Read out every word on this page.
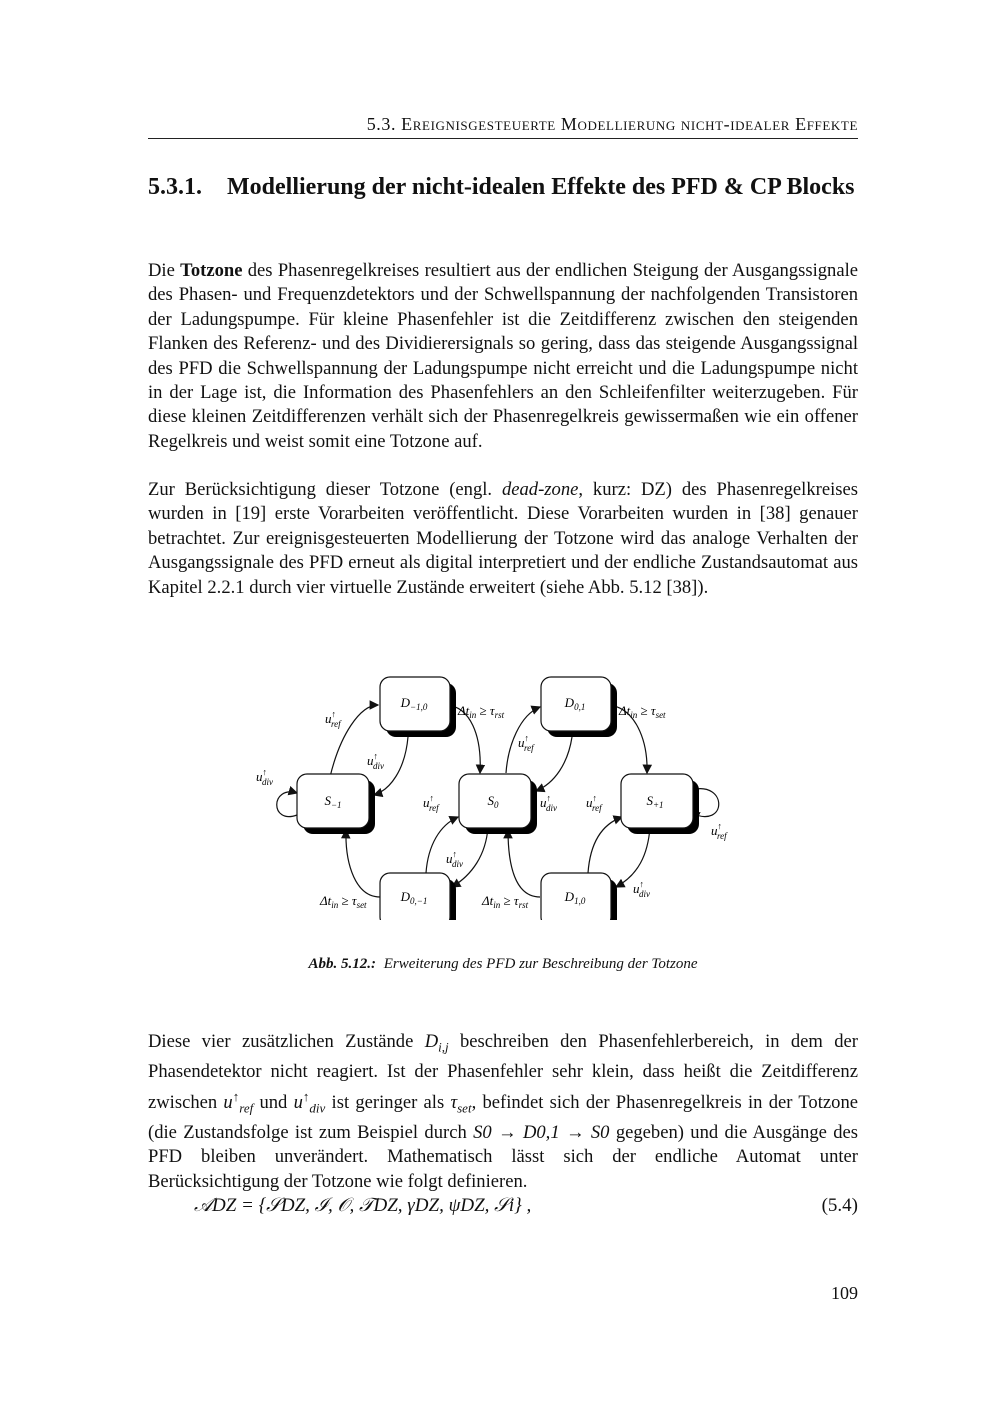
5.3. Ereignisgesteuerte Modellierung nicht-idealer Effekte
5.3.1. Modellierung der nicht-idealen Effekte des PFD & CP Blocks

Die Totzone des Phasenregelkreises resultiert aus der endlichen Steigung der Ausgangssignale des Phasen- und Frequenzdetektors und der Schwellspannung der nachfolgenden Transistoren der Ladungspumpe. Für kleine Phasenfehler ist die Zeitdifferenz zwischen den steigenden Flanken des Referenz- und des Dividierersignals so gering, dass das steigende Ausgangssignal des PFD die Schwellspannung der Ladungspumpe nicht erreicht und die Ladungspumpe nicht in der Lage ist, die Information des Phasenfehlers an den Schleifenfilter weiterzugeben. Für diese kleinen Zeitdifferenzen verhält sich der Phasenregelkreis gewissermaßen wie ein offener Regelkreis und weist somit eine Totzone auf.

Zur Berücksichtigung dieser Totzone (engl. dead-zone, kurz: DZ) des Phasenregelkreises wurden in [19] erste Vorarbeiten veröffentlicht. Diese Vorarbeiten wurden in [38] genauer betrachtet. Zur ereignisgesteuerten Modellierung der Totzone wird das analoge Verhalten der Ausgangssignale des PFD erneut als digital interpretiert und der endliche Zustandsautomat aus Kapitel 2.2.1 durch vier virtuelle Zustände erweitert (siehe Abb. 5.12 [38]).

$S_{-1}$	$S_0$	$S_{+1}$
$D_{-1,0}$	$D_{0,1}$
$D_{0,-1}$	$D_{1,0}$
u↑ ref
u↑ div
u↑ div
$\Delta t_{in} \ge \tau_{rst}$
u↑ ref
$\Delta t_{in} \ge \tau_{set}$
u↑ ref	u↑ div u↑ ref
u↑ ref
u↑ div
$\Delta t_{in} \ge \tau_{set}$	$\Delta t_{in} \ge \tau_{rst}$
u↑ div
Abb. 5.12.: Erweiterung des PFD zur Beschreibung der Totzone

Diese vier zusätzlichen Zustände $D_{i,j}$ beschreiben den Phasenfehlerbereich, in dem der Phasendetektor nicht reagiert. Ist der Phasenfehler sehr klein, dass heißt die Zeitdifferenz zwischen $u^↑_{ref}$ und $u^↑_{div}$ ist geringer als $\tau_{set}$, befindet sich der Phasenregelkreis in der Totzone (die Zustandsfolge ist zum Beispiel durch S0 → D0,1 → S0 gegeben) und die Ausgänge des PFD bleiben unverändert. Mathematisch lässt sich der endliche Automat unter Berücksichtigung der Totzone wie folgt definieren.

𝒜DZ = {𝒮DZ, ℐ, 𝒪, 𝒯DZ, γDZ, ψDZ, 𝒮i} ,	(5.4)
109
